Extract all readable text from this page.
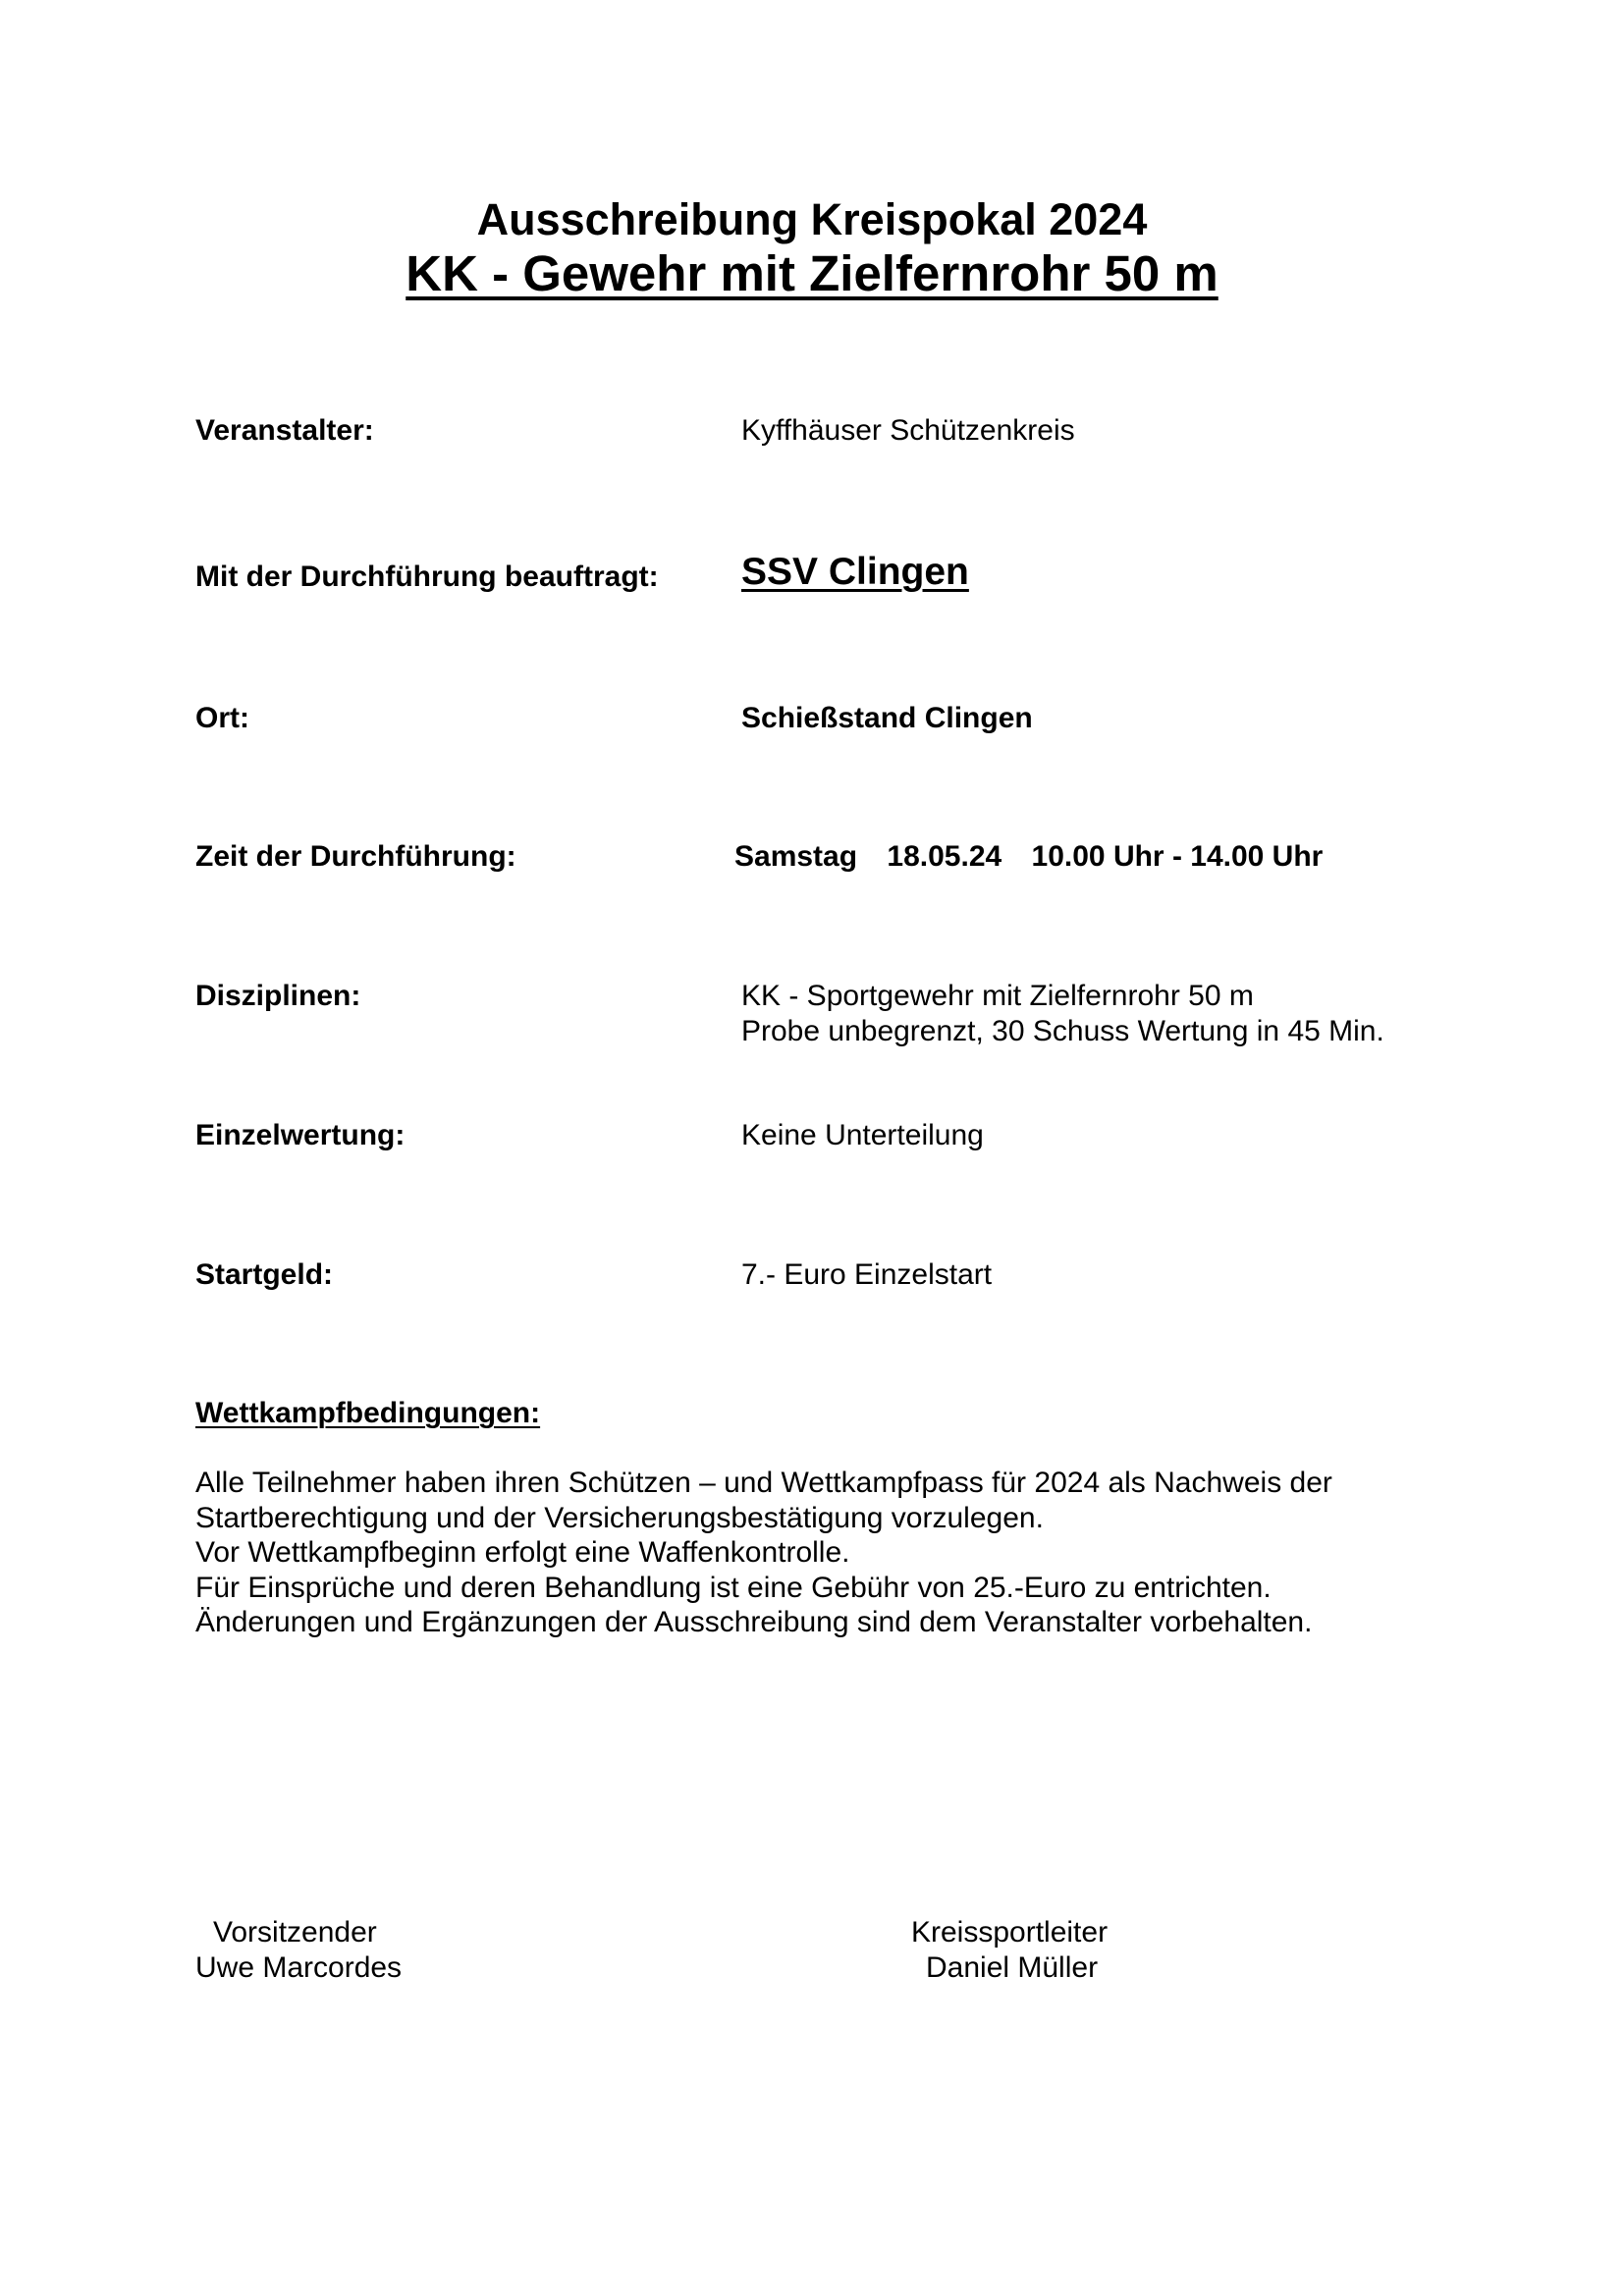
Ausschreibung Kreispokal 2024
KK - Gewehr mit Zielfernrohr 50 m
Veranstalter:	Kyffhäuser Schützenkreis
Mit der Durchführung beauftragt: SSV Clingen
Ort:	Schießstand Clingen
Zeit der Durchführung:	Samstag 18.05.24 10.00 Uhr - 14.00 Uhr
Disziplinen:	KK - Sportgewehr mit Zielfernrohr 50 m
Probe unbegrenzt, 30 Schuss Wertung in 45 Min.
Einzelwertung:	Keine Unterteilung
Startgeld:	7.- Euro Einzelstart
Wettkampfbedingungen:
Alle Teilnehmer haben ihren Schützen – und Wettkampfpass für 2024 als Nachweis der
Startberechtigung und der Versicherungsbestätigung vorzulegen.
Vor Wettkampfbeginn erfolgt eine Waffenkontrolle.
Für Einsprüche und deren Behandlung ist eine Gebühr von 25.-Euro zu entrichten.
Änderungen und Ergänzungen der Ausschreibung sind dem Veranstalter vorbehalten.
Vorsitzender
Uwe Marcordes
Kreissportleiter
Daniel Müller
